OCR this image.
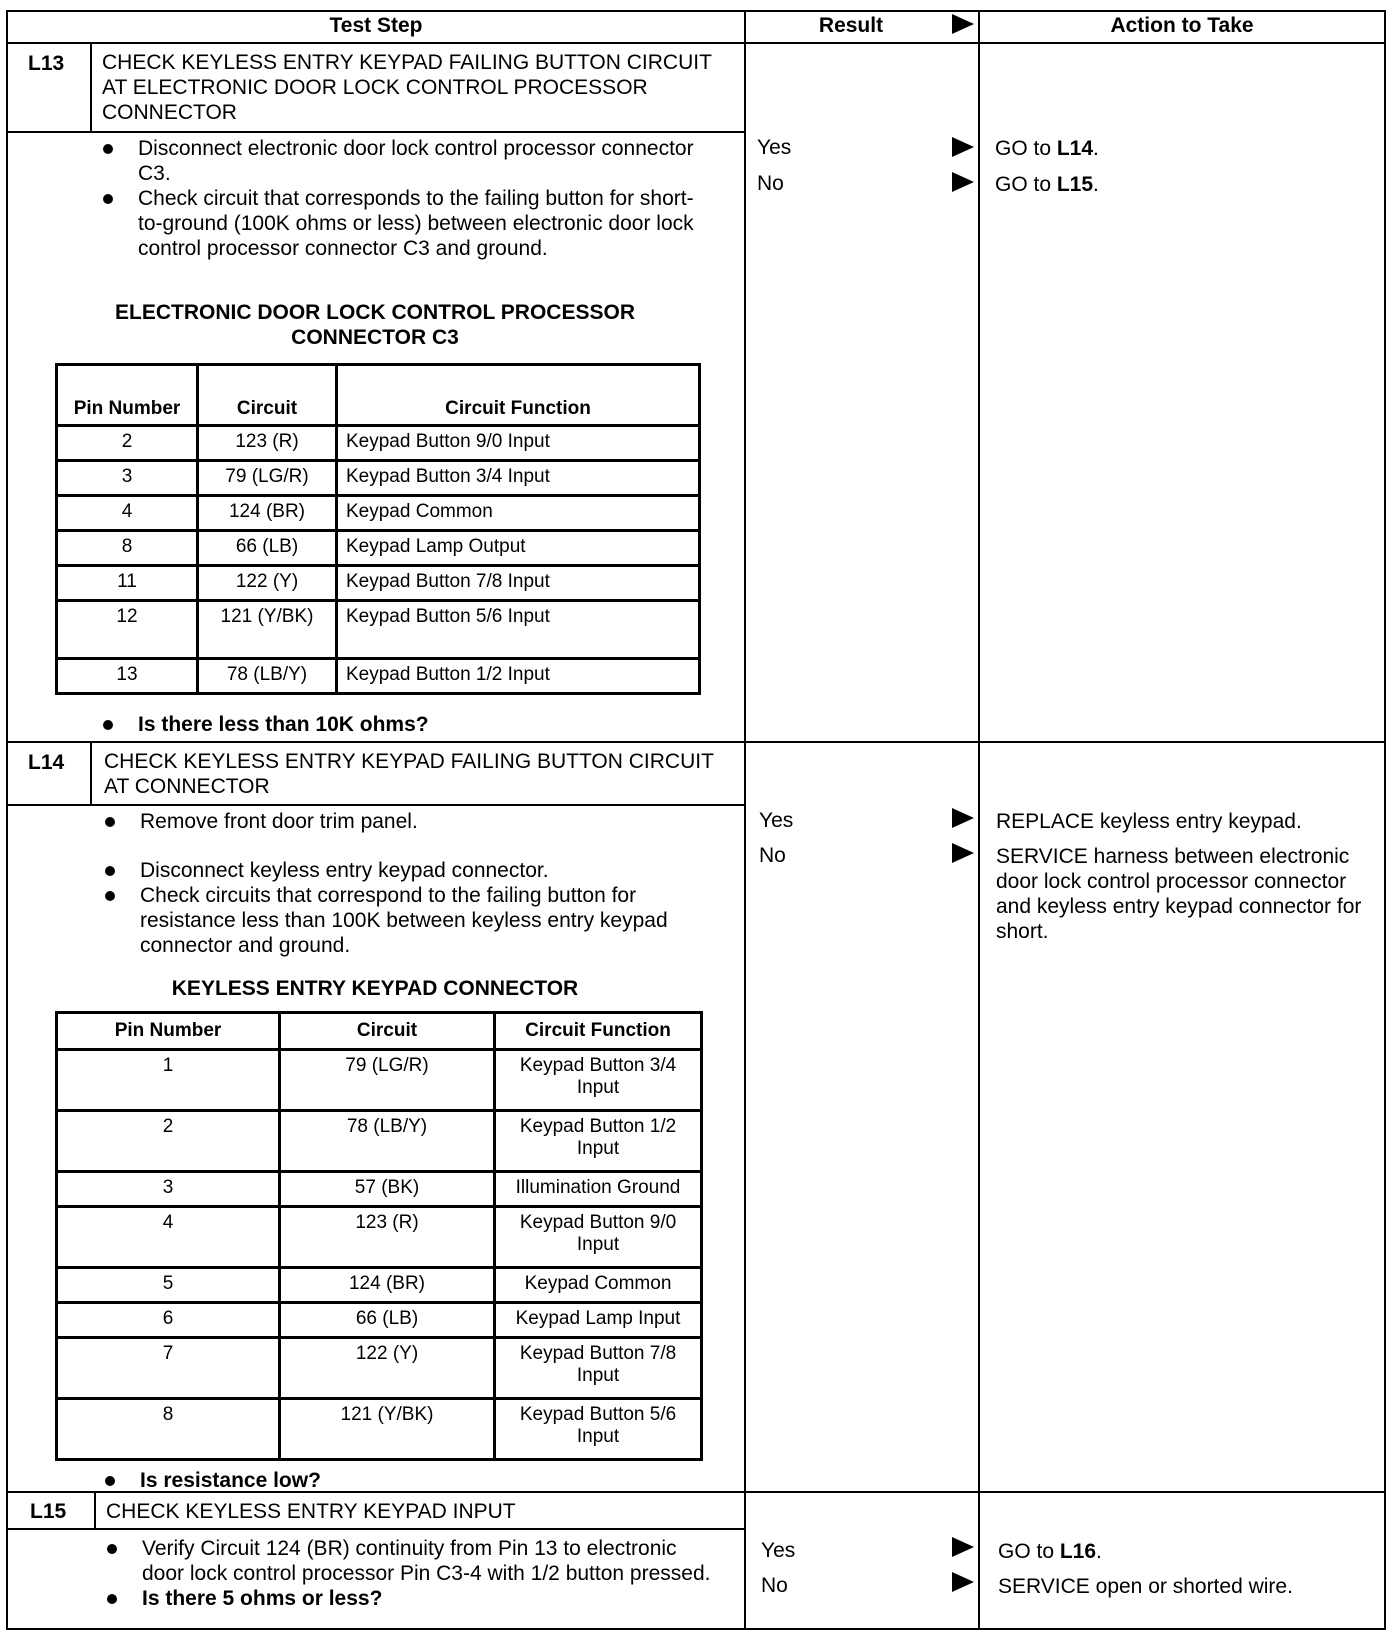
Test Step	Result	Action to Take
L13 CHECK KEYLESS ENTRY KEYPAD FAILING BUTTON CIRCUIT AT ELECTRONIC DOOR LOCK CONTROL PROCESSOR CONNECTOR
Disconnect electronic door lock control processor connector C3.
Check circuit that corresponds to the failing button for short-to-ground (100K ohms or less) between electronic door lock control processor connector C3 and ground.
ELECTRONIC DOOR LOCK CONTROL PROCESSOR CONNECTOR C3
Pin Number	Circuit	Circuit Function
2	123 (R)	Keypad Button 9/0 Input
3	79 (LG/R)	Keypad Button 3/4 Input
4	124 (BR)	Keypad Common
8	66 (LB)	Keypad Lamp Output
11	122 (Y)	Keypad Button 7/8 Input
12	121 (Y/BK)	Keypad Button 5/6 Input
13	78 (LB/Y)	Keypad Button 1/2 Input
Is there less than 10K ohms?
Yes	GO to L14.
No	GO to L15.
L14 CHECK KEYLESS ENTRY KEYPAD FAILING BUTTON CIRCUIT AT CONNECTOR
Remove front door trim panel.
Disconnect keyless entry keypad connector.
Check circuits that correspond to the failing button for resistance less than 100K between keyless entry keypad connector and ground.
KEYLESS ENTRY KEYPAD CONNECTOR
Pin Number	Circuit	Circuit Function
1	79 (LG/R)	Keypad Button 3/4 Input
2	78 (LB/Y)	Keypad Button 1/2 Input
3	57 (BK)	Illumination Ground
4	123 (R)	Keypad Button 9/0 Input
5	124 (BR)	Keypad Common
6	66 (LB)	Keypad Lamp Input
7	122 (Y)	Keypad Button 7/8 Input
8	121 (Y/BK)	Keypad Button 5/6 Input
Is resistance low?
Yes	REPLACE keyless entry keypad.
No	SERVICE harness between electronic door lock control processor connector and keyless entry keypad connector for short.
L15 CHECK KEYLESS ENTRY KEYPAD INPUT
Verify Circuit 124 (BR) continuity from Pin 13 to electronic door lock control processor Pin C3-4 with 1/2 button pressed.
Is there 5 ohms or less?
Yes	GO to L16.
No	SERVICE open or shorted wire.
